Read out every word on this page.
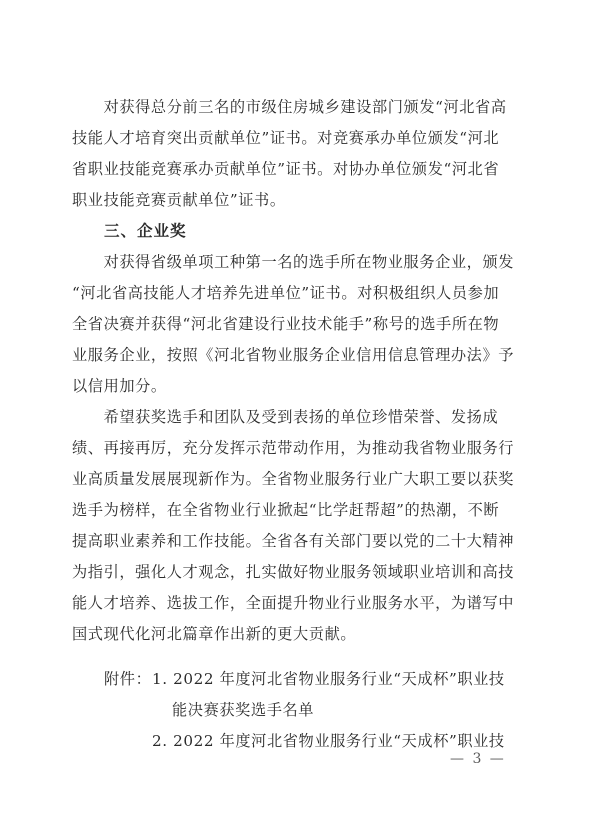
　　对获得总分前三名的市级住房城乡建设部门颁发“河北省高
技能人才培育突出贡献单位”证书。对竞赛承办单位颁发“河北
省职业技能竞赛承办贡献单位”证书。对协办单位颁发“河北省
职业技能竞赛贡献单位”证书。
三、企业奖
　　对获得省级单项工种第一名的选手所在物业服务企业，颁发
“河北省高技能人才培养先进单位”证书。对积极组织人员参加
全省决赛并获得“河北省建设行业技术能手”称号的选手所在物
业服务企业，按照《河北省物业服务企业信用信息管理办法》予
以信用加分。
　　希望获奖选手和团队及受到表扬的单位珍惜荣誉、发扬成
绩、再接再厉，充分发挥示范带动作用，为推动我省物业服务行
业高质量发展展现新作为。全省物业服务行业广大职工要以获奖
选手为榜样，在全省物业行业掀起“比学赶帮超”的热潮，不断
提高职业素养和工作技能。全省各有关部门要以党的二十大精神
为指引，强化人才观念，扎实做好物业服务领域职业培训和高技
能人才培养、选拔工作，全面提升物业行业服务水平，为谱写中
国式现代化河北篇章作出新的更大贡献。
附件： 1. 2022 年度河北省物业服务行业“天成杯”职业技
能决赛获奖选手名单
2. 2022 年度河北省物业服务行业“天成杯”职业技
— 3 —
